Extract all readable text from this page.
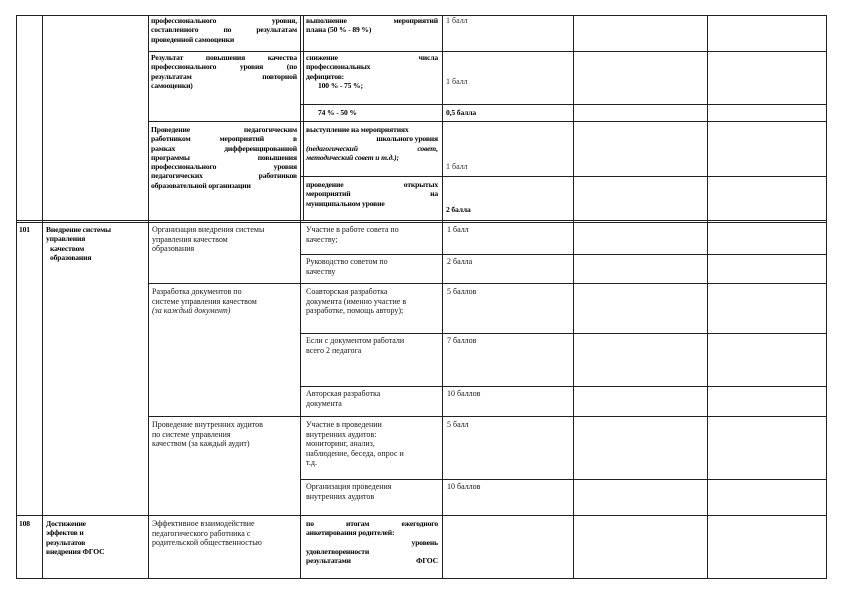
профессионального уровня,
составленного по результатам
проведенной самооценки
выполнение мероприятий
плана (50 % - 89 %)
1 балл
Результат повышения качества
профессионального уровня (по
результатам повторной
самооценки)
снижение числа
профессиональных
дефицитов:
100 % - 75 %;	1 балл
74 % - 50 %	0,5 балла
Проведение педагогическим
работником мероприятий в
рамках дифференцированной
программы повышения
профессионального уровня
педагогических работников
образовательной организации
выступление на мероприятиях
школьного уровня
(педагогический совет,
методический совет и т.д.);
1 балл
проведение открытых
мероприятий на
муниципальном уровне
2 балла
101 Внедрение системы
управления
качеством
образования
Организация внедрения системы
управления качеством
образования
Участие в работе совета по
качеству;
1 балл
Руководство советом по
качеству
2 балла
Разработка документов по
системе управления качеством
(за каждый документ)
Соавторская разработка
документа (именно участие в
разработке, помощь автору);
5 баллов
Если с документом работали
всего 2 педагога
7 баллов
Авторская разработка
документа
10 баллов
Проведение внутренних аудитов
по системе управления
качеством (за каждый аудит)
Участие в проведении
внутренних аудитов:
мониторинг, анализ,
наблюдение, беседа, опрос и
т.д.
5 балл
Организация проведения
внутренних аудитов
10 баллов
108 Достижение
эффектов и
результатов
внедрения ФГОС
Эффективное взаимодействие
педагогического работника с
родительской общественностью
по итогам ежегодного
анкетирования родителей:
уровень
удовлетворенности
результатами ФГОС
